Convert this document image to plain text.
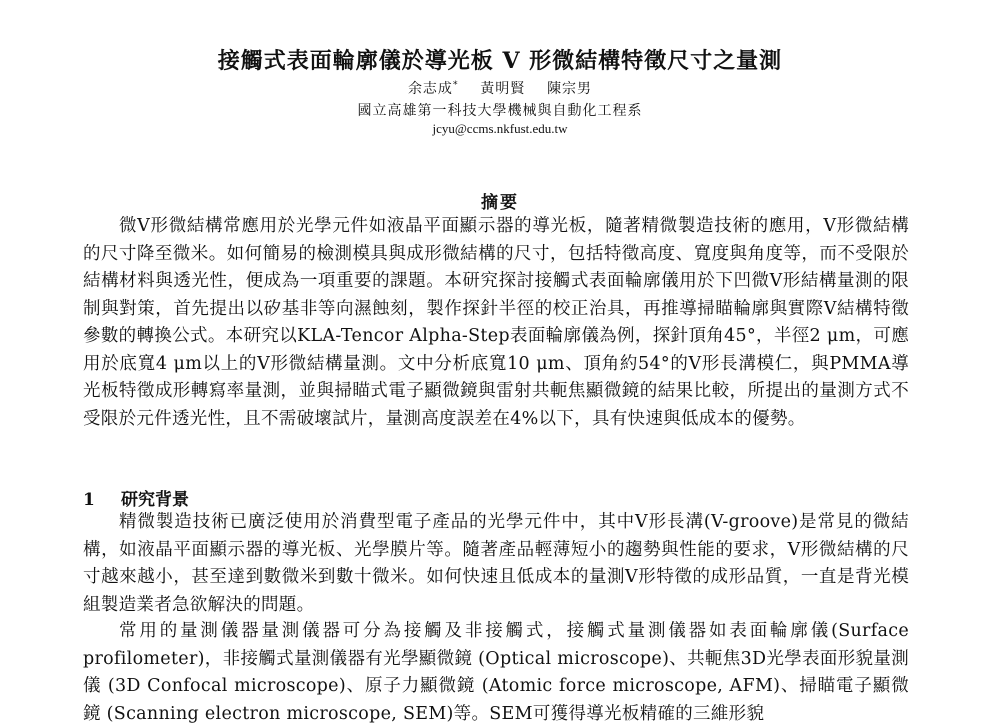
接觸式表面輪廓儀於導光板 V 形微結構特徵尺寸之量測
余志成* 黃明賢 陳宗男
國立高雄第一科技大學機械與自動化工程系
jcyu@ccms.nkfust.edu.tw
摘要

微V形微結構常應用於光學元件如液晶平面顯示器的導光板，隨著精微製造技術的應用，V形微結構的尺寸降至微米。如何簡易的檢測模具與成形微結構的尺寸，包括特徵高度、寬度與角度等，而不受限於結構材料與透光性，便成為一項重要的課題。本研究探討接觸式表面輪廓儀用於下凹微V形結構量測的限制與對策，首先提出以矽基非等向濕蝕刻，製作探針半徑的校正治具，再推導掃瞄輪廓與實際V結構特徵參數的轉換公式。本研究以KLA-Tencor Alpha-Step表面輪廓儀為例，探針頂角45°，半徑2 μm，可應用於底寬4 μm以上的V形微結構量測。文中分析底寬10 μm、頂角約54°的V形長溝模仁，與PMMA導光板特徵成形轉寫率量測，並與掃瞄式電子顯微鏡與雷射共軛焦顯微鏡的結果比較，所提出的量測方式不受限於元件透光性，且不需破壞試片，量測高度誤差在4%以下，具有快速與低成本的優勢。

1 研究背景

精微製造技術已廣泛使用於消費型電子產品的光學元件中，其中V形長溝(V-groove)是常見的微結構，如液晶平面顯示器的導光板、光學膜片等。隨著產品輕薄短小的趨勢與性能的要求，V形微結構的尺寸越來越小，甚至達到數微米到數十微米。如何快速且低成本的量測V形特徵的成形品質，一直是背光模組製造業者急欲解決的問題。

常用的量測儀器量測儀器可分為接觸及非接觸式，接觸式量測儀器如表面輪廓儀(Surface profilometer)，非接觸式量測儀器有光學顯微鏡 (Optical microscope)、共軛焦3D光學表面形貌量測儀 (3D Confocal microscope)、原子力顯微鏡 (Atomic force microscope, AFM)、掃瞄電子顯微鏡 (Scanning electron microscope, SEM)等。SEM可獲得導光板精確的三維形貌
